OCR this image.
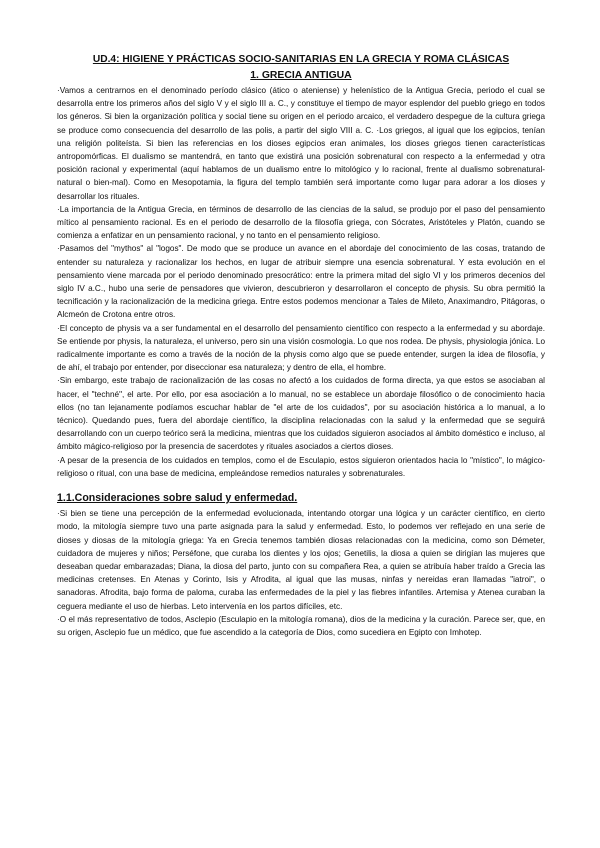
UD.4: HIGIENE Y PRÁCTICAS SOCIO-SANITARIAS EN LA GRECIA Y ROMA CLÁSICAS
1. GRECIA ANTIGUA

·Vamos a centrarnos en el denominado período clásico (ático o ateniense) y helenístico de la Antigua Grecia, periodo el cual se desarrolla entre los primeros años del siglo V y el siglo III a. C., y constituye el tiempo de mayor esplendor del pueblo griego en todos los géneros. Si bien la organización política y social tiene su origen en el periodo arcaico, el verdadero despegue de la cultura griega se produce como consecuencia del desarrollo de las polis, a partir del siglo VIII a. C. ·Los griegos, al igual que los egipcios, tenían una religión politeísta. Si bien las referencias en los dioses egipcios eran animales, los dioses griegos tienen características antropomórficas. El dualismo se mantendrá, en tanto que existirá una posición sobrenatural con respecto a la enfermedad y otra posición racional y experimental (aquí hablamos de un dualismo entre lo mitológico y lo racional, frente al dualismo sobrenatural-natural o bien-mal). Como en Mesopotamia, la figura del templo también será importante como lugar para adorar a los dioses y desarrollar los rituales.

·La importancia de la Antigua Grecia, en términos de desarrollo de las ciencias de la salud, se produjo por el paso del pensamiento mítico al pensamiento racional. Es en el periodo de desarrollo de la filosofía griega, con Sócrates, Aristóteles y Platón, cuando se comienza a enfatizar en un pensamiento racional, y no tanto en el pensamiento religioso.

·Pasamos del "mythos" al "logos". De modo que se produce un avance en el abordaje del conocimiento de las cosas, tratando de entender su naturaleza y racionalizar los hechos, en lugar de atribuir siempre una esencia sobrenatural. Y esta evolución en el pensamiento viene marcada por el periodo denominado presocrático: entre la primera mitad del siglo VI y los primeros decenios del siglo IV a.C., hubo una serie de pensadores que vivieron, descubrieron y desarrollaron el concepto de physis. Su obra permitió la tecnificación y la racionalización de la medicina griega. Entre estos podemos mencionar a Tales de Mileto, Anaximandro, Pitágoras, o Alcmeón de Crotona entre otros.

·El concepto de physis va a ser fundamental en el desarrollo del pensamiento científico con respecto a la enfermedad y su abordaje. Se entiende por physis, la naturaleza, el universo, pero sin una visión cosmologia. Lo que nos rodea. De physis, physiologia jónica. Lo radicalmente importante es como a través de la noción de la physis como algo que se puede entender, surgen la idea de filosofía, y de ahí, el trabajo por entender, por diseccionar esa naturaleza; y dentro de ella, el hombre.

·Sin embargo, este trabajo de racionalización de las cosas no afectó a los cuidados de forma directa, ya que estos se asociaban al hacer, el "techné", el arte. Por ello, por esa asociación a lo manual, no se establece un abordaje filosófico o de conocimiento hacia ellos (no tan lejanamente podíamos escuchar hablar de "el arte de los cuidados", por su asociación histórica a lo manual, a lo técnico). Quedando pues, fuera del abordaje científico, la disciplina relacionadas con la salud y la enfermedad que se seguirá desarrollando con un cuerpo teórico será la medicina, mientras que los cuidados siguieron asociados al ámbito doméstico e incluso, al ámbito mágico-religioso por la presencia de sacerdotes y rituales asociados a ciertos dioses.

·A pesar de la presencia de los cuidados en templos, como el de Esculapio, estos siguieron orientados hacia lo "místico", lo mágico-religioso o ritual, con una base de medicina, empleándose remedios naturales y sobrenaturales.

1.1.Consideraciones sobre salud y enfermedad.

·Si bien se tiene una percepción de la enfermedad evolucionada, intentando otorgar una lógica y un carácter científico, en cierto modo, la mitología siempre tuvo una parte asignada para la salud y enfermedad. Esto, lo podemos ver reflejado en una serie de dioses y diosas de la mitología griega: Ya en Grecia tenemos también diosas relacionadas con la medicina, como son Démeter, cuidadora de mujeres y niños; Perséfone, que curaba los dientes y los ojos; Genetilis, la diosa a quien se dirigían las mujeres que deseaban quedar embarazadas; Diana, la diosa del parto, junto con su compañera Rea, a quien se atribuía haber traído a Grecia las medicinas cretenses. En Atenas y Corinto, Isis y Afrodita, al igual que las musas, ninfas y nereidas eran llamadas "iatroi", o sanadoras. Afrodita, bajo forma de paloma, curaba las enfermedades de la piel y las fiebres infantiles. Artemisa y Atenea curaban la ceguera mediante el uso de hierbas. Leto intervenía en los partos difíciles, etc.

·O el más representativo de todos, Asclepio (Esculapio en la mitología romana), dios de la medicina y la curación. Parece ser, que, en su origen, Asclepio fue un médico, que fue ascendido a la categoría de Dios, como sucediera en Egipto con Imhotep.
